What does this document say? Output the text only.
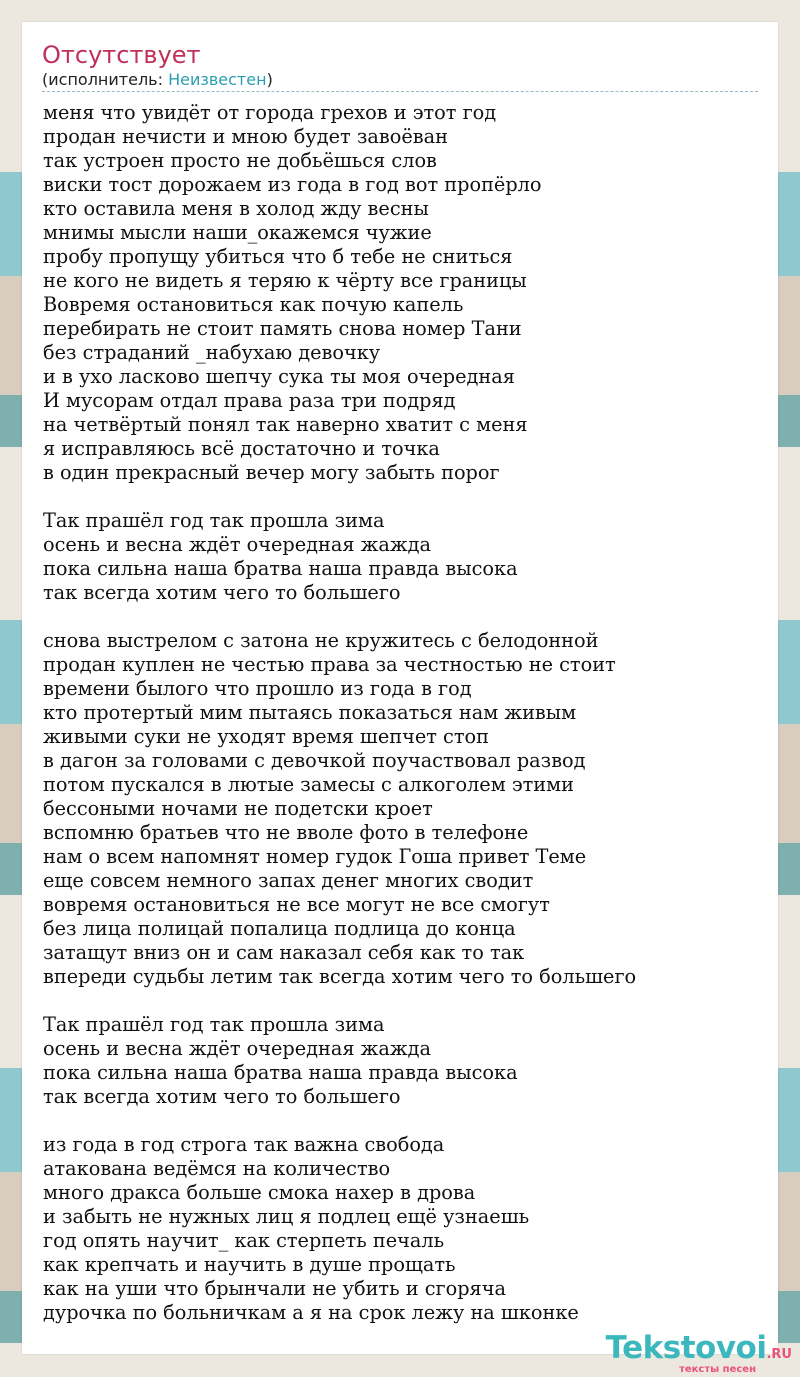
Отсутствует
(исполнитель: Неизвестен)
меня что увидёт от города грехов и этот год
продан нечисти и мною будет завоёван
так устроен просто не добьёшься слов
виски тост дорожаем из года в год вот пропёрло
кто оставила меня в холод жду весны
мнимы мысли наши_окажемся чужие
пробу пропущу убиться что б тебе не сниться
не кого не видеть я теряю к чёрту все границы
Вовремя остановиться как почую капель
перебирать не стоит память снова номер Тани
без страданий _набухаю девочку
и в ухо ласково шепчу сука ты моя очередная
И мусорам отдал права раза три подряд
на четвёртый понял так наверно хватит с меня
я исправляюсь всё достаточно и точка
в один прекрасный вечер могу забыть порог
Так прашёл год так прошла зима
осень и весна ждёт очередная жажда
пока сильна наша братва наша правда высока
так всегда хотим чего то большего
снова выстрелом с затона не кружитесь с белодонной
продан куплен не честью права за честностью не стоит
времени былого что прошло из года в год
кто протертый мим пытаясь показаться нам живым
живыми суки не уходят время шепчет стоп
в дагон за головами с девочкой поучаствовал развод
потом пускался в лютые замесы с алкоголем этими
бессоными ночами не подетски кроет
вспомню братьев что не вволе фото в телефоне
нам о всем напомнят номер гудок Гоша привет Теме
еще совсем немного запах денег многих сводит
вовремя остановиться не все могут не все смогут
без лица полицай попалица подлица до конца
затащут вниз он и сам наказал себя как то так
впереди судьбы летим так всегда хотим чего то большего
Так прашёл год так прошла зима
осень и весна ждёт очередная жажда
пока сильна наша братва наша правда высока
так всегда хотим чего то большего
из года в год строга так важна свобода
атакована ведёмся на количество
много дракса больше смока нахер в дрова
и забыть не нужных лиц я подлец ещё узнаешь
год опять научит_ как стерпеть печаль
как крепчать и научить в душе прощать
как на уши что брынчали не убить и сгоряча
дурочка по больничкам а я на срок лежу на шконке
Tekstovoi.RU
тексты песен
